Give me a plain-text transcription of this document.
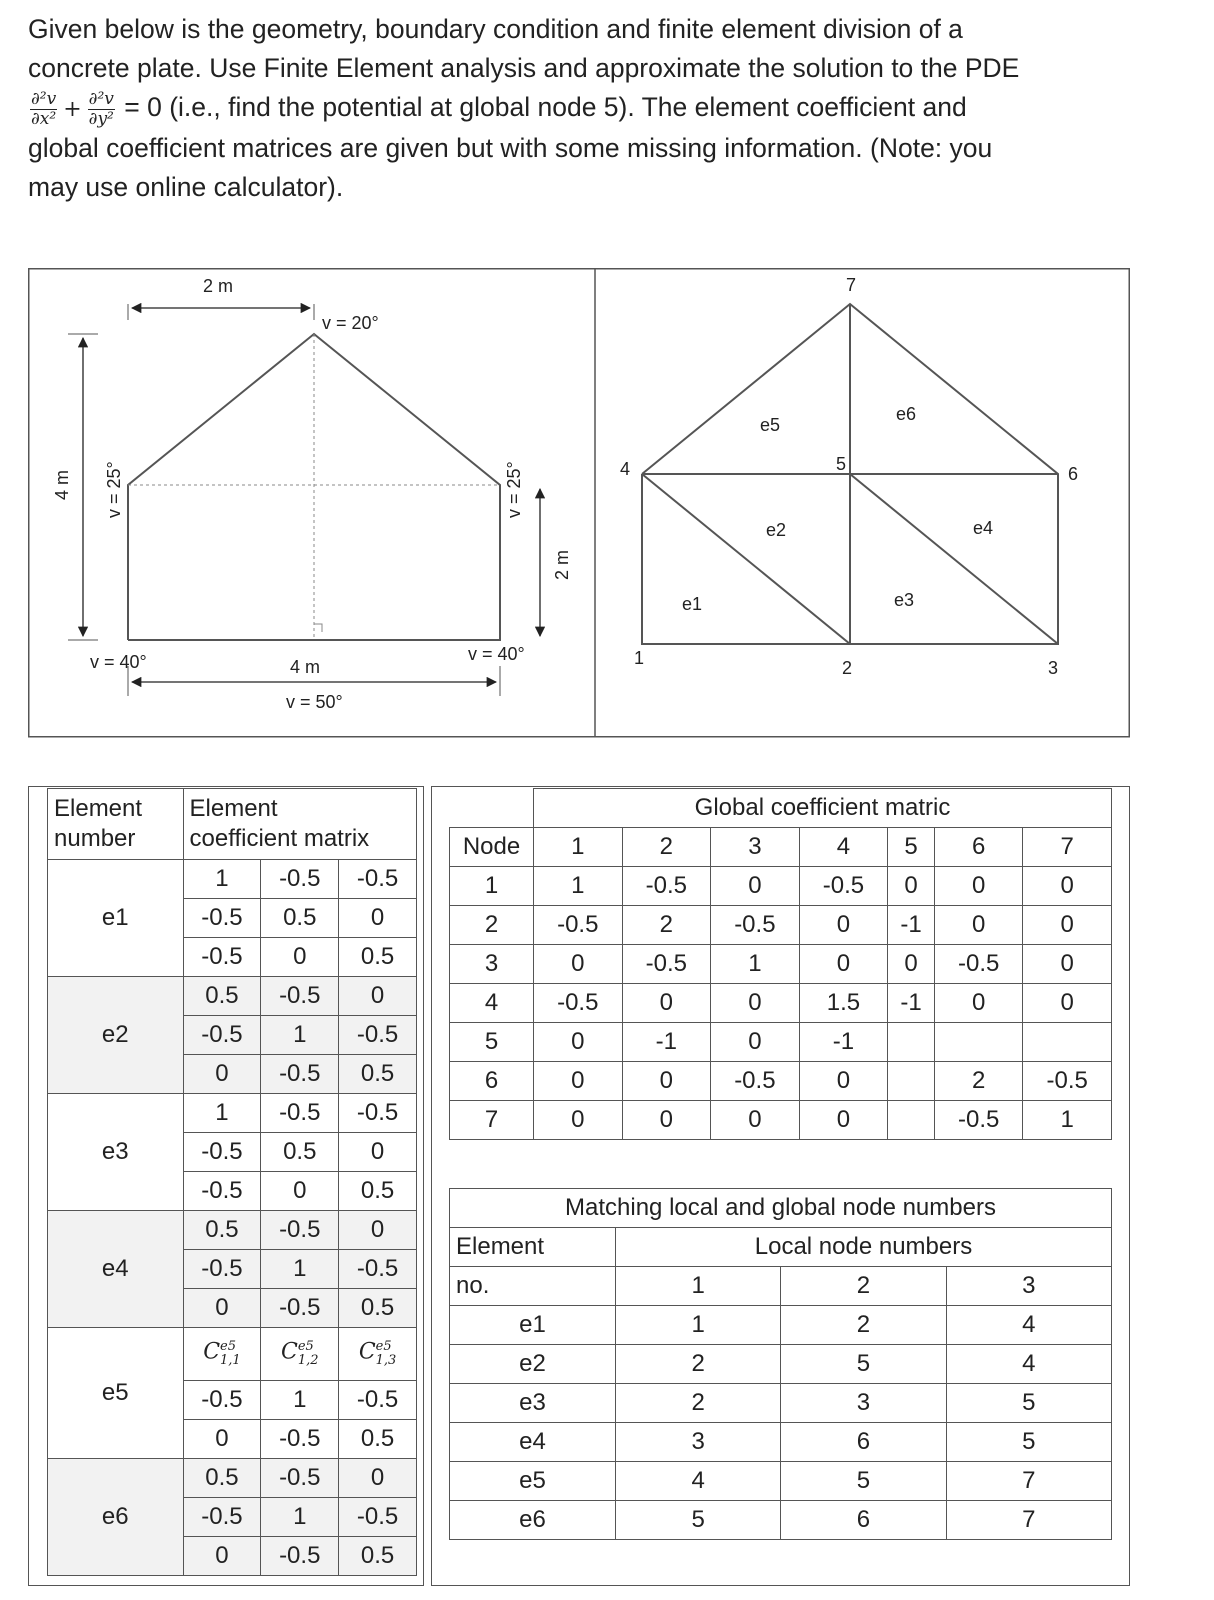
Given below is the geometry, boundary condition and finite element division of a

concrete plate. Use Finite Element analysis and approximate the solution to the PDE

$\frac{\text{∂²v}}{\text{∂x²}} + \frac{\text{∂²v}}{\text{∂y²}} = 0$ (i.e., find the potential at global node 5). The element coefficient and

global coefficient matrices are given but with some missing information. (Note: you

may use online calculator).

2 m
v = 20°
4 m v = 25°	v = 25°
2 m
v = 40°	v = 40°
4 m
v = 50°
1	2	3
4	5	6
7
e1
e2
e3
e4
e5
e6
Element
number	Element
coefficient matrix		
e1	1	-0.5	-0.5
	-0.5	0.5	0
	-0.5	0	0.5
e2	0.5	-0.5	0
	-0.5	1	-0.5
	0	-0.5	0.5
e3	1	-0.5	-0.5
	-0.5	0.5	0
	-0.5	0	0.5
e4	0.5	-0.5	0
	-0.5	1	-0.5
	0	-0.5	0.5
e5	$C^{e5}_{1,1}$	$C^{e5}_{1,2}$	$C^{e5}_{1,3}$
	-0.5	1	-0.5
	0	-0.5	0.5
e6	0.5	-0.5	0
	-0.5	1	-0.5
	0	-0.5	0.5
	Global coefficient matric						
Node	1	2	3	4	5	6	7
1	1	-0.5	0	-0.5	0	0	0
2	-0.5	2	-0.5	0	-1	0	0
3	0	-0.5	1	0	0	-0.5	0
4	-0.5	0	0	1.5	-1	0	0
5	0	-1	0	-1			
6	0	0	-0.5	0		2	-0.5
7	0	0	0	0		-0.5	1
Matching local and global node numbers			
Element	Local node numbers		
no.	1	2	3
e1	1	2	4
e2	2	5	4
e3	2	3	5
e4	3	6	5
e5	4	5	7
e6	5	6	7
